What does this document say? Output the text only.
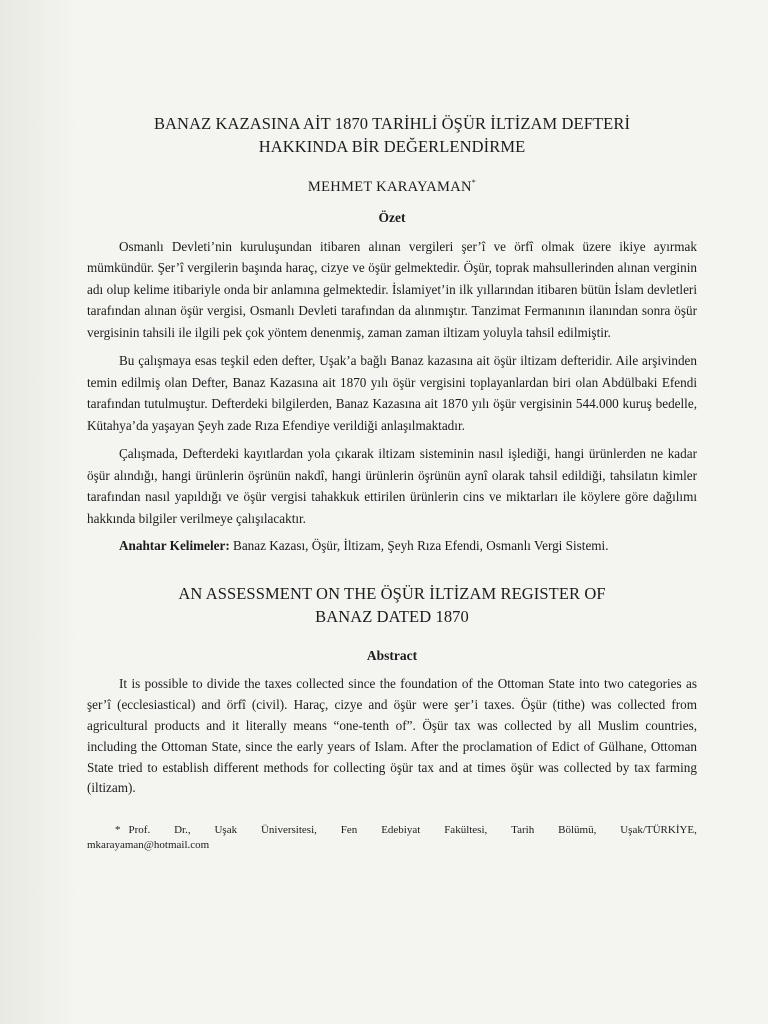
BANAZ KAZASINA AİT 1870 TARİHLİ ÖŞÜR İLTİZAM DEFTERİ
HAKKINDA BİR DEĞERLENDİRME
MEHMET KARAYAMAN*
Özet

Osmanlı Devleti’nin kuruluşundan itibaren alınan vergileri şer’î ve örfî olmak üzere ikiye ayırmak mümkündür. Şer’î vergilerin başında haraç, cizye ve öşür gelmektedir. Öşür, toprak mahsullerinden alınan verginin adı olup kelime itibariyle onda bir anlamına gelmektedir. İslamiyet’in ilk yıllarından itibaren bütün İslam devletleri tarafından alınan öşür vergisi, Osmanlı Devleti tarafından da alınmıştır. Tanzimat Fermanının ilanından sonra öşür vergisinin tahsili ile ilgili pek çok yöntem denenmiş, zaman zaman iltizam yoluyla tahsil edilmiştir.

Bu çalışmaya esas teşkil eden defter, Uşak’a bağlı Banaz kazasına ait öşür iltizam defteridir. Aile arşivinden temin edilmiş olan Defter, Banaz Kazasına ait 1870 yılı öşür vergisini toplayanlardan biri olan Abdülbaki Efendi tarafından tutulmuştur. Defterdeki bilgilerden, Banaz Kazasına ait 1870 yılı öşür vergisinin 544.000 kuruş bedelle, Kütahya’da yaşayan Şeyh zade Rıza Efendiye verildiği anlaşılmaktadır.

Çalışmada, Defterdeki kayıtlardan yola çıkarak iltizam sisteminin nasıl işlediği, hangi ürünlerden ne kadar öşür alındığı, hangi ürünlerin öşrünün nakdî, hangi ürünlerin öşrünün aynî olarak tahsil edildiği, tahsilatın kimler tarafından nasıl yapıldığı ve öşür vergisi tahakkuk ettirilen ürünlerin cins ve miktarları ile köylere göre dağılımı hakkında bilgiler verilmeye çalışılacaktır.

Anahtar Kelimeler: Banaz Kazası, Öşür, İltizam, Şeyh Rıza Efendi, Osmanlı Vergi Sistemi.

AN ASSESSMENT ON THE ÖŞÜR İLTİZAM REGISTER OF
BANAZ DATED 1870
Abstract

It is possible to divide the taxes collected since the foundation of the Ottoman State into two categories as şer’î (ecclesiastical) and örfî (civil). Haraç, cizye and öşür were şer’i taxes. Öşür (tithe) was collected from agricultural products and it literally means “one-tenth of”. Öşür tax was collected by all Muslim countries, including the Ottoman State, since the early years of Islam. After the proclamation of Edict of Gülhane, Ottoman State tried to establish different methods for collecting öşür tax and at times öşür was collected by tax farming (iltizam).

* Prof. Dr., Uşak Üniversitesi, Fen Edebiyat Fakültesi, Tarih Bölümü, Uşak/TÜRKİYE,
mkarayaman@hotmail.com
